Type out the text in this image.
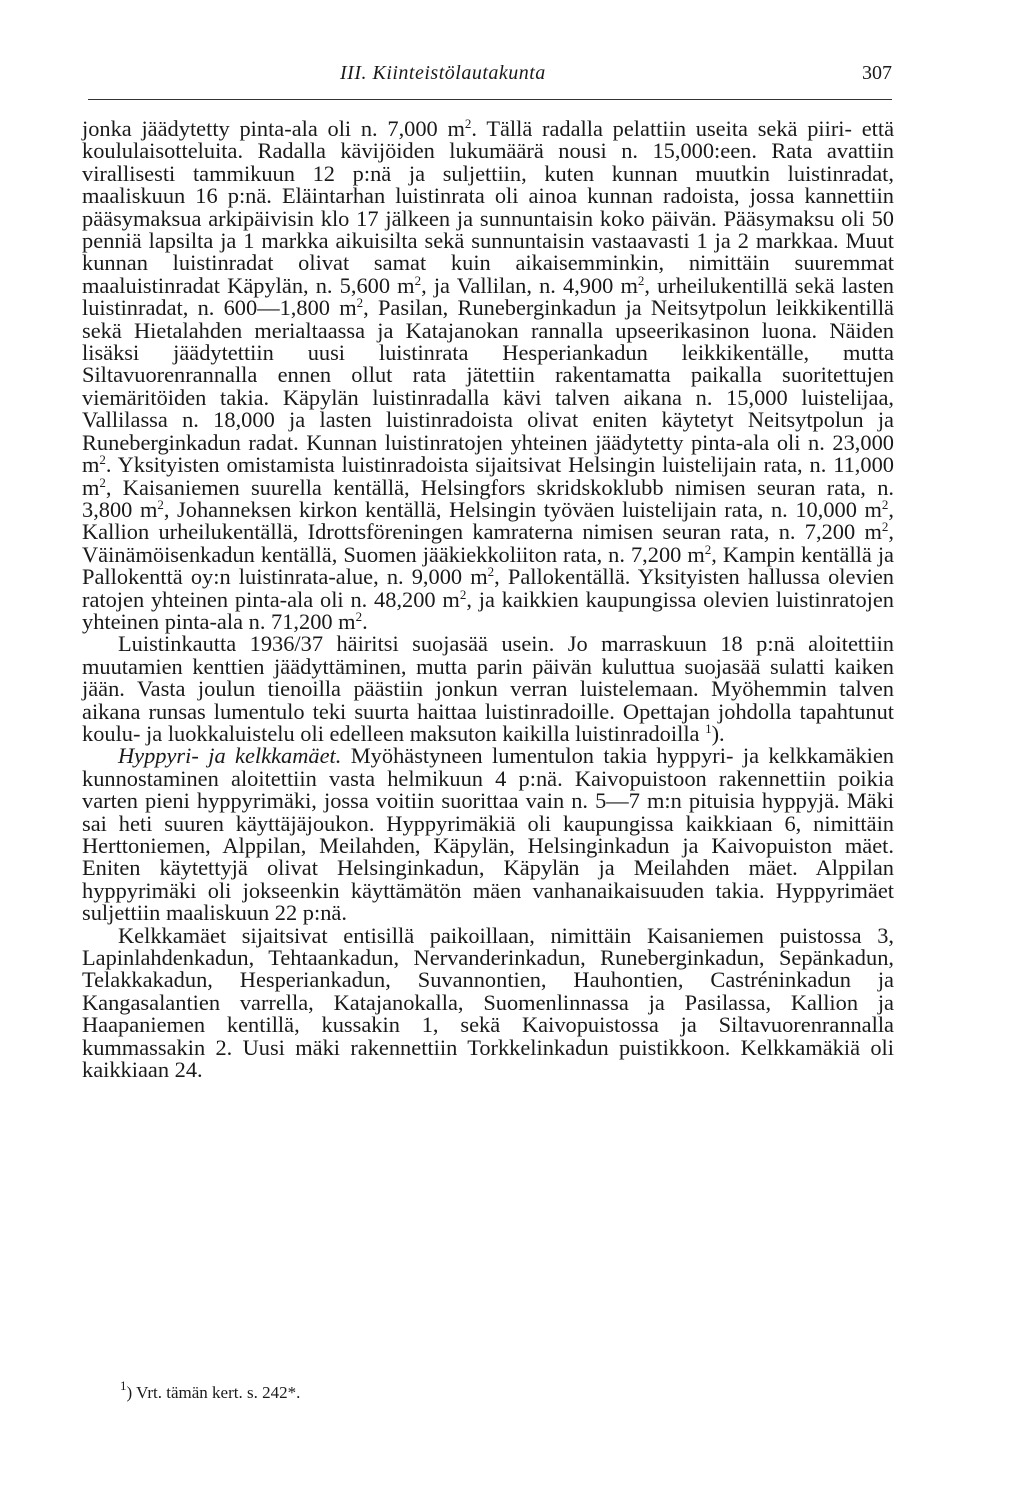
III. Kiinteistölautakunta	307

jonka jäädytetty pinta-ala oli n. 7,000 $m^2$. Tällä radalla pelattiin useita sekä piiri- että koululaisotteluita. Radalla kävijöiden lukumäärä nousi n. 15,000:een. Rata avattiin virallisesti tammikuun 12 p:nä ja suljettiin, kuten kunnan muutkin luistinradat, maaliskuun 16 p:nä. Eläintarhan luistinrata oli ainoa kunnan radoista, jossa kannettiin pääsymaksua arkipäivisin klo 17 jälkeen ja sunnuntaisin koko päivän. Pääsymaksu oli 50 penniä lapsilta ja 1 markka aikuisilta sekä sunnuntaisin vastaavasti 1 ja 2 markkaa. Muut kunnan luistinradat olivat samat kuin aikaisemminkin, nimittäin suuremmat maaluistinradat Käpylän, n. 5,600 $m^2$, ja Vallilan, n. 4,900 $m^2$, urheilukentillä sekä lasten luistinradat, n. 600—1,800 $m^2$, Pasilan, Runeberginkadun ja Neitsytpolun leikkikentillä sekä Hietalahden merialtaassa ja Katajanokan rannalla upseerikasinon luona. Näiden lisäksi jäädytettiin uusi luistinrata Hesperiankadun leikkikentälle, mutta Siltavuorenrannalla ennen ollut rata jätettiin rakentamatta paikalla suoritettujen viemäritöiden takia. Käpylän luistinradalla kävi talven aikana n. 15,000 luistelijaa, Vallilassa n. 18,000 ja lasten luistinradoista olivat eniten käytetyt Neitsytpolun ja Runeberginkadun radat. Kunnan luistinratojen yhteinen jäädytetty pinta-ala oli n. 23,000 $m^2$. Yksityisten omistamista luistinradoista sijaitsivat Helsingin luistelijain rata, n. 11,000 $m^2$, Kaisaniemen suurella kentällä, Helsingfors skridskoklubb nimisen seuran rata, n. 3,800 $m^2$, Johanneksen kirkon kentällä, Helsingin työväen luistelijain rata, n. 10,000 $m^2$, Kallion urheilukentällä, Idrottsföreningen kamraterna nimisen seuran rata, n. 7,200 $m^2$, Väinämöisenkadun kentällä, Suomen jääkiekkoliiton rata, n. 7,200 $m^2$, Kampin kentällä ja Pallokenttä oy:n luistinrata-alue, n. 9,000 $m^2$, Pallokentällä. Yksityisten hallussa olevien ratojen yhteinen pinta-ala oli n. 48,200 $m^2$, ja kaikkien kaupungissa olevien luistinratojen yhteinen pinta-ala n. 71,200 $m^2$.

Luistinkautta 1936/37 häiritsi suojasää usein. Jo marraskuun 18 p:nä aloitettiin muutamien kenttien jäädyttäminen, mutta parin päivän kuluttua suojasää sulatti kaiken jään. Vasta joulun tienoilla päästiin jonkun verran luistelemaan. Myöhemmin talven aikana runsas lumentulo teki suurta haittaa luistinradoille. Opettajan johdolla tapahtunut koulu- ja luokkaluistelu oli edelleen maksuton kaikilla luistinradoilla $^1$).

Hyppyri- ja kelkkamäet. Myöhästyneen lumentulon takia hyppyri- ja kelkkamäkien kunnostaminen aloitettiin vasta helmikuun 4 p:nä. Kaivopuistoon rakennettiin poikia varten pieni hyppyrimäki, jossa voitiin suorittaa vain n. 5—7 m:n pituisia hyppyjä. Mäki sai heti suuren käyttäjäjoukon. Hyppyrimäkiä oli kaupungissa kaikkiaan 6, nimittäin Herttoniemen, Alppilan, Meilahden, Käpylän, Helsinginkadun ja Kaivopuiston mäet. Eniten käytettyjä olivat Helsinginkadun, Käpylän ja Meilahden mäet. Alppilan hyppyrimäki oli jokseenkin käyttämätön mäen vanhanaikaisuuden takia. Hyppyrimäet suljettiin maaliskuun 22 p:nä.

Kelkkamäet sijaitsivat entisillä paikoillaan, nimittäin Kaisaniemen puistossa 3, Lapinlahdenkadun, Tehtaankadun, Nervanderinkadun, Runeberginkadun, Sepänkadun, Telakkakadun, Hesperiankadun, Suvannontien, Hauhontien, Castréninkadun ja Kangasalantien varrella, Katajanokalla, Suomenlinnassa ja Pasilassa, Kallion ja Haapaniemen kentillä, kussakin 1, sekä Kaivopuistossa ja Siltavuorenrannalla kummassakin 2. Uusi mäki rakennettiin Torkkelinkadun puistikkoon. Kelkkamäkiä oli kaikkiaan 24.

$^1$) Vrt. tämän kert. s. 242*.
